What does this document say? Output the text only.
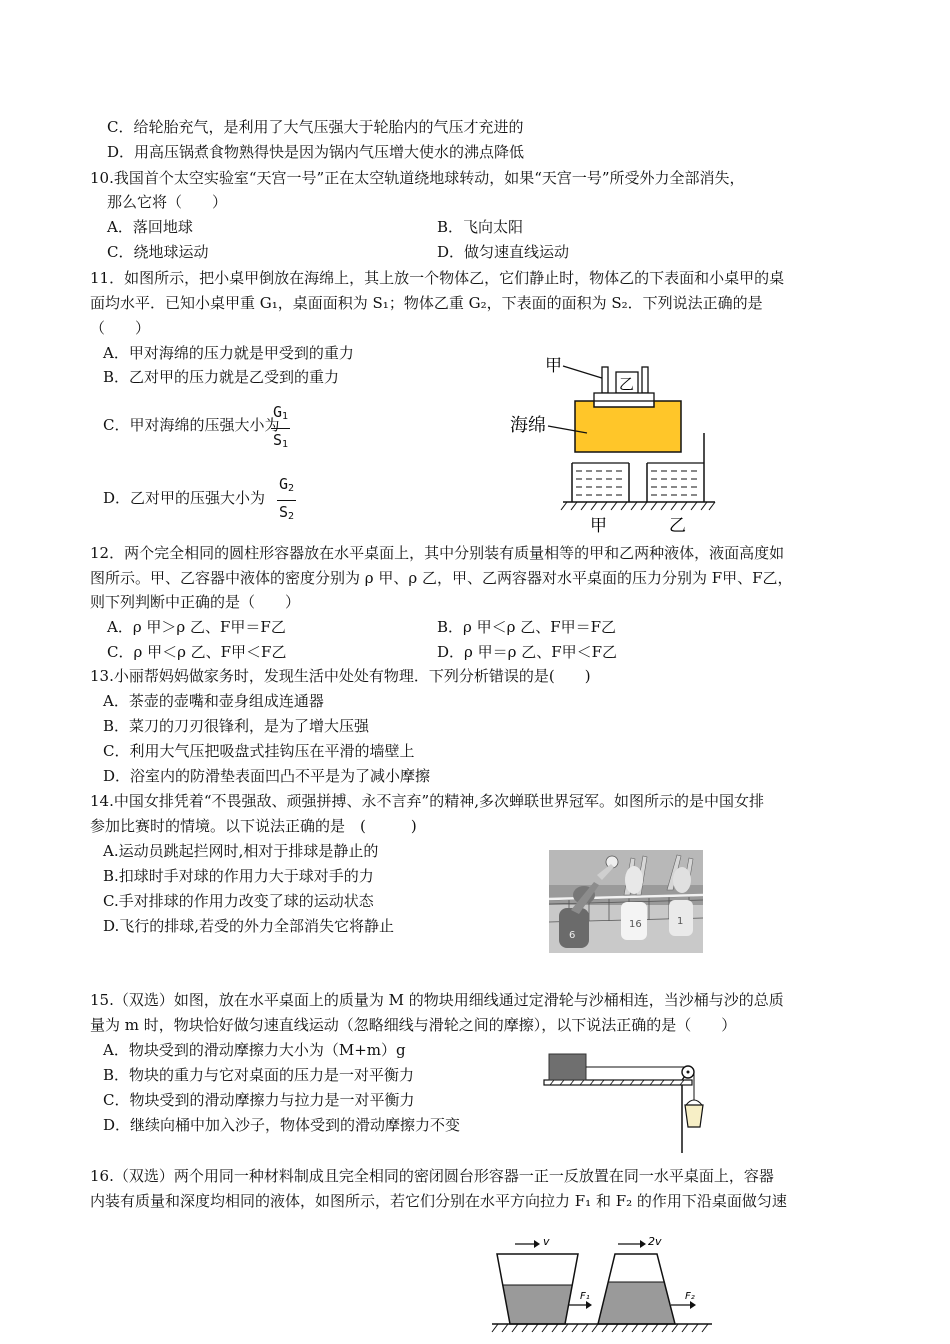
C．给轮胎充气，是利用了大气压强大于轮胎内的气压才充进的
D．用高压锅煮食物熟得快是因为锅内气压增大使水的沸点降低
10.我国首个太空实验室“天宫一号”正在太空轨道绕地球转动，如果“天宫一号”所受外力全部消失，
那么它将（　　）
A．落回地球	B．飞向太阳
C．绕地球运动	D．做匀速直线运动
11．如图所示，把小桌甲倒放在海绵上，其上放一个物体乙，它们静止时，物体乙的下表面和小桌甲的桌
面均水平．已知小桌甲重 G₁，桌面面积为 S₁；物体乙重 G₂，下表面的面积为 S₂．下列说法正确的是
（　　）
A．甲对海绵的压力就是甲受到的重力
B．乙对甲的压力就是乙受到的重力
C．甲对海绵的压强大小为
$\frac{G_1}{S_1}$
D．乙对甲的压强大小为 $\frac{G_2}{S_2}$
甲
乙
海绵
甲	乙
12．两个完全相同的圆柱形容器放在水平桌面上，其中分别装有质量相等的甲和乙两种液体，液面高度如
图所示。甲、乙容器中液体的密度分别为 ρ 甲、ρ 乙，甲、乙两容器对水平桌面的压力分别为 F甲、F乙，
则下列判断中正确的是（　　）
A．ρ 甲＞ρ 乙、F甲＝F乙	B．ρ 甲＜ρ 乙、F甲＝F乙
C．ρ 甲＜ρ 乙、F甲＜F乙	D．ρ 甲＝ρ 乙、F甲＜F乙
13.小丽帮妈妈做家务时，发现生活中处处有物理．下列分析错误的是(　　)
A．茶壶的壶嘴和壶身组成连通器
B．菜刀的刀刃很锋利，是为了增大压强
C．利用大气压把吸盘式挂钩压在平滑的墙壁上
D．浴室内的防滑垫表面凹凸不平是为了减小摩擦
14.中国女排凭着“不畏强敌、顽强拼搏、永不言弃”的精神,多次蝉联世界冠军。如图所示的是中国女排
参加比赛时的情境。以下说法正确的是　(　　　)
A.运动员跳起拦网时,相对于排球是静止的
B.扣球时手对球的作用力大于球对手的力
C.手对排球的作用力改变了球的运动状态
D.飞行的排球,若受的外力全部消失它将静止
6
16	1
15.（双选）如图，放在水平桌面上的质量为 M 的物块用细线通过定滑轮与沙桶相连，当沙桶与沙的总质
量为 m 时，物块恰好做匀速直线运动（忽略细线与滑轮之间的摩擦），以下说法正确的是（　　）
A．物块受到的滑动摩擦力大小为（M+m）g
B．物块的重力与它对桌面的压力是一对平衡力
C．物块受到的滑动摩擦力与拉力是一对平衡力
D．继续向桶中加入沙子，物体受到的滑动摩擦力不变
16.（双选）两个用同一种材料制成且完全相同的密闭圆台形容器一正一反放置在同一水平桌面上，容器
内装有质量和深度均相同的液体，如图所示，若它们分别在水平方向拉力 F₁ 和 F₂ 的作用下沿桌面做匀速
v	2v
F₁	F₂
